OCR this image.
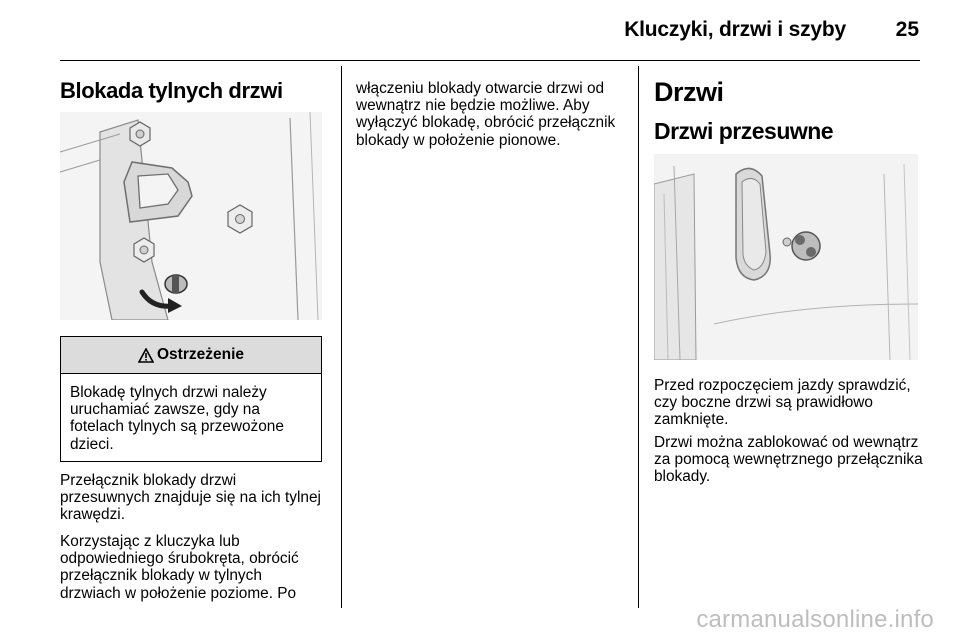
Kluczyki, drzwi i szyby 25
Blokada tylnych drzwi
Ostrzeżenie
Blokadę tylnych drzwi należy uruchamiać zawsze, gdy na fotelach tylnych są przewożone dzieci.

Przełącznik blokady drzwi przesuwnych znajduje się na ich tylnej krawędzi.

Korzystając z kluczyka lub odpowiedniego śrubokręta, obrócić przełącznik blokady w tylnych drzwiach w położenie poziome. Po

włączeniu blokady otwarcie drzwi od wewnątrz nie będzie możliwe. Aby wyłączyć blokadę, obrócić przełącznik blokady w położenie pionowe.

Drzwi
Drzwi przesuwne

Przed rozpoczęciem jazdy sprawdzić, czy boczne drzwi są prawidłowo zamknięte.

Drzwi można zablokować od wewnątrz za pomocą wewnętrznego przełącznika blokady.

carmanualsonline.info
